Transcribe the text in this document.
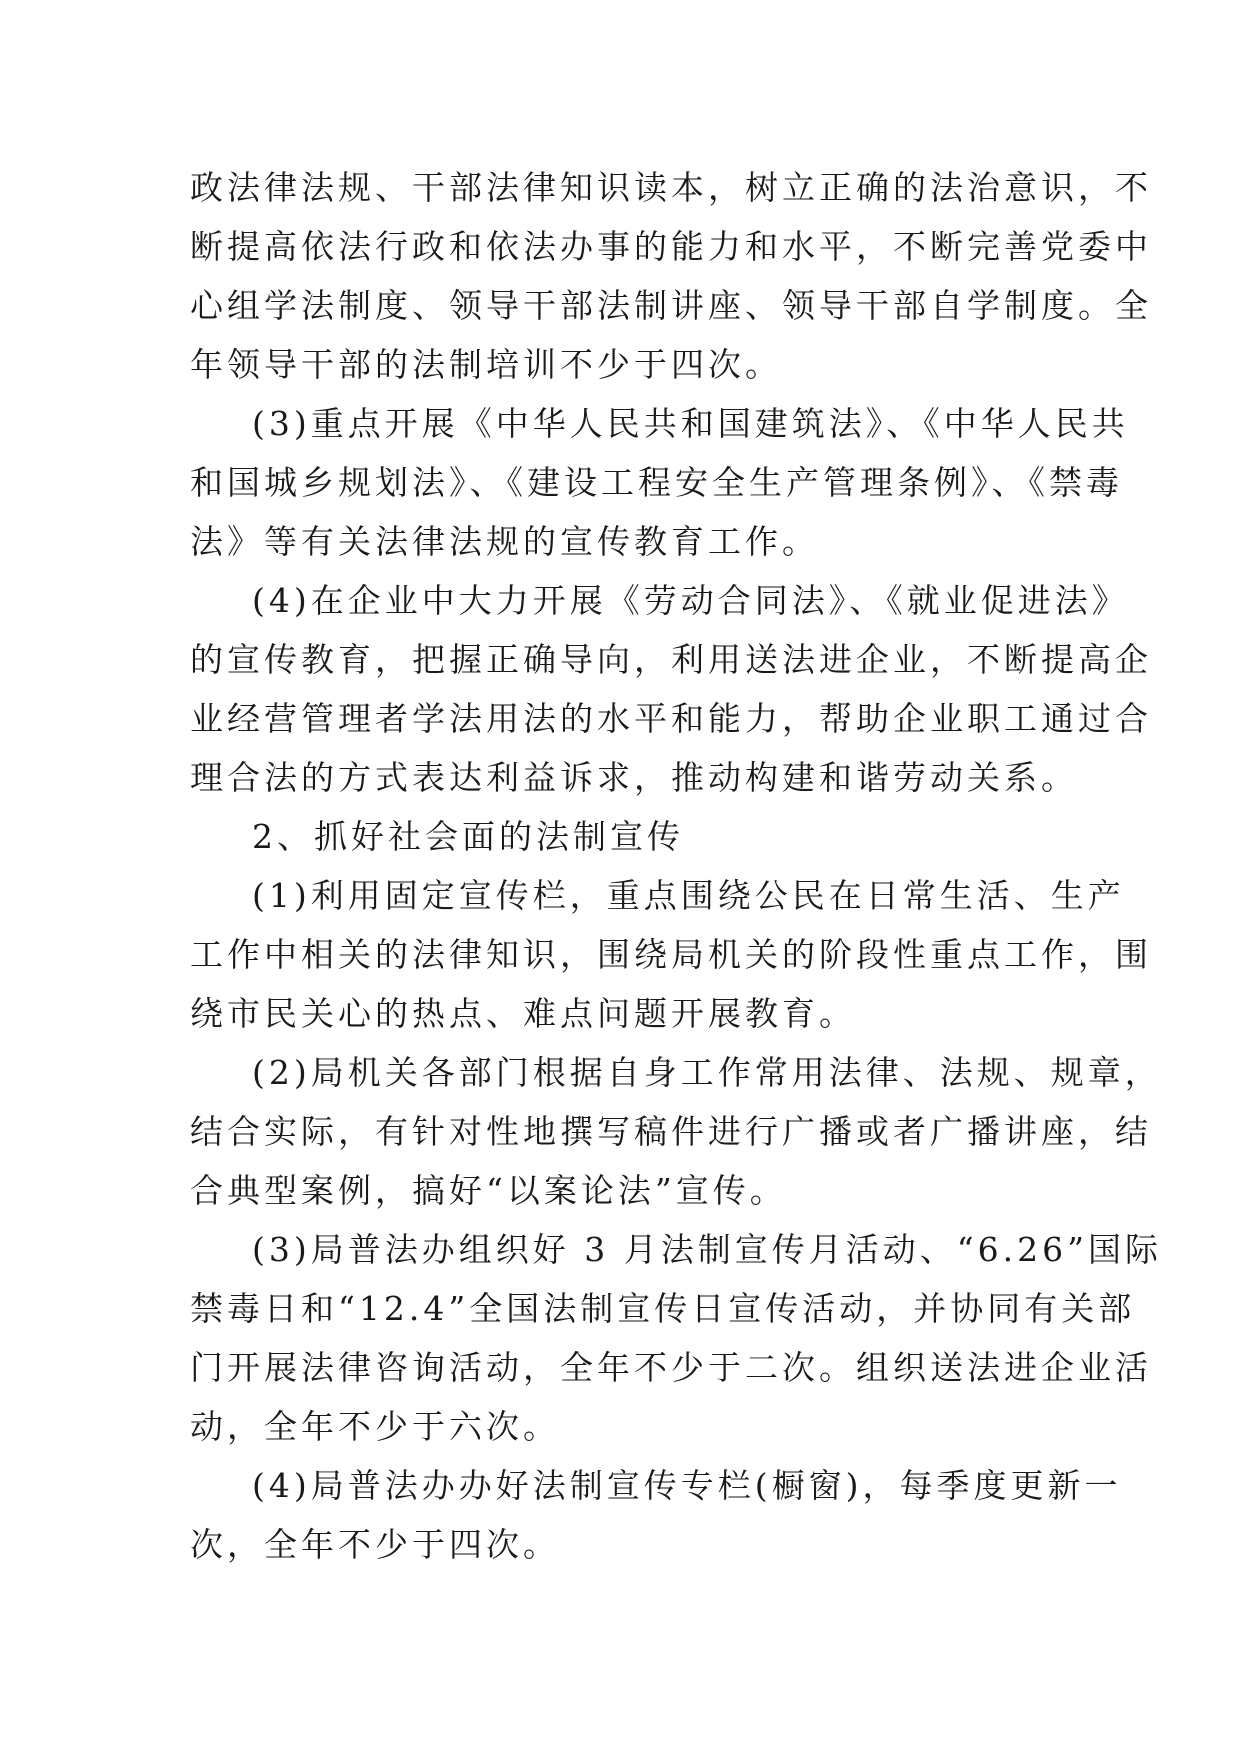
政法律法规、干部法律知识读本，树立正确的法治意识，不
断提高依法行政和依法办事的能力和水平，不断完善党委中
心组学法制度、领导干部法制讲座、领导干部自学制度。全
年领导干部的法制培训不少于四次。
(3)重点开展《中华人民共和国建筑法》、《中华人民共
和国城乡规划法》、《建设工程安全生产管理条例》、《禁毒
法》等有关法律法规的宣传教育工作。
(4)在企业中大力开展《劳动合同法》、《就业促进法》
的宣传教育，把握正确导向，利用送法进企业，不断提高企
业经营管理者学法用法的水平和能力，帮助企业职工通过合
理合法的方式表达利益诉求，推动构建和谐劳动关系。
2、抓好社会面的法制宣传
(1)利用固定宣传栏，重点围绕公民在日常生活、生产
工作中相关的法律知识，围绕局机关的阶段性重点工作，围
绕市民关心的热点、难点问题开展教育。
(2)局机关各部门根据自身工作常用法律、法规、规章，
结合实际，有针对性地撰写稿件进行广播或者广播讲座，结
合典型案例，搞好“以案论法”宣传。
(3)局普法办组织好 3 月法制宣传月活动、“6.26”国际
禁毒日和“12.4”全国法制宣传日宣传活动，并协同有关部
门开展法律咨询活动，全年不少于二次。组织送法进企业活
动，全年不少于六次。
(4)局普法办办好法制宣传专栏(橱窗)，每季度更新一
次，全年不少于四次。
